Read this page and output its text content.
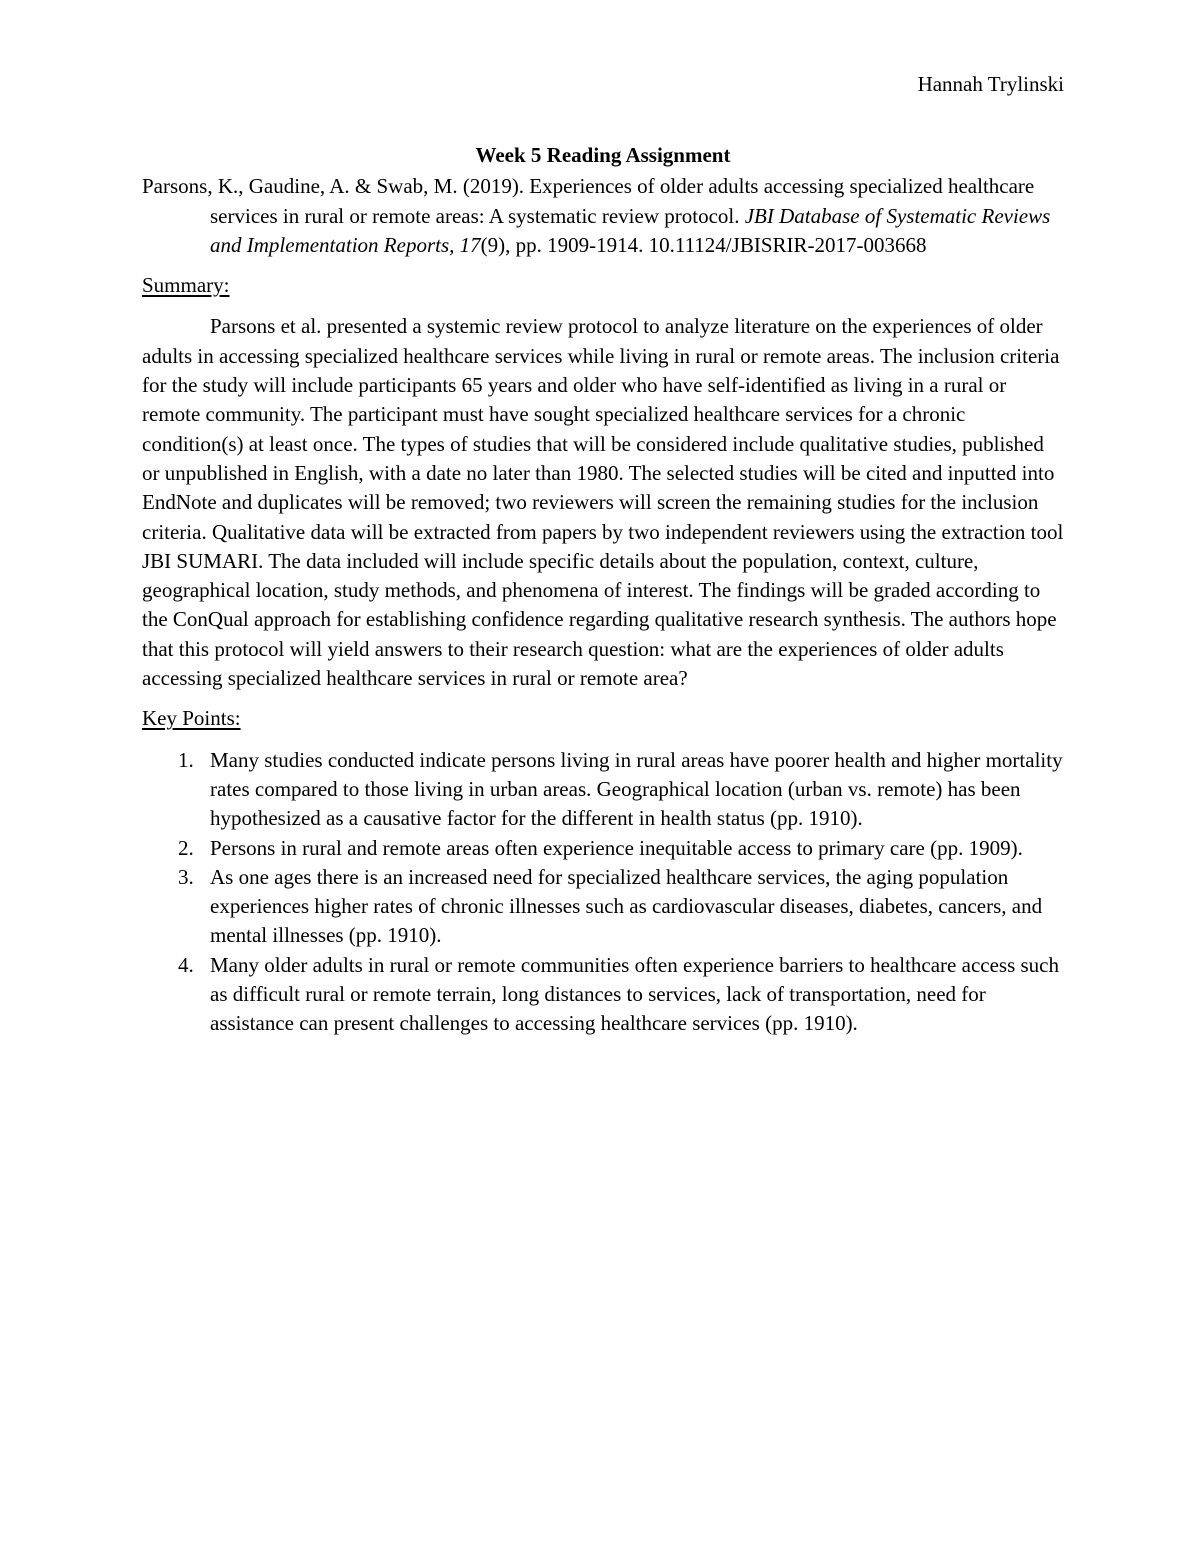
Hannah Trylinski

Week 5 Reading Assignment

Parsons, K., Gaudine, A. & Swab, M. (2019). Experiences of older adults accessing specialized healthcare services in rural or remote areas: A systematic review protocol. JBI Database of Systematic Reviews and Implementation Reports, 17(9), pp. 1909-1914. 10.11124/JBISRIR-2017-003668

Summary:

Parsons et al. presented a systemic review protocol to analyze literature on the experiences of older adults in accessing specialized healthcare services while living in rural or remote areas. The inclusion criteria for the study will include participants 65 years and older who have self-identified as living in a rural or remote community. The participant must have sought specialized healthcare services for a chronic condition(s) at least once. The types of studies that will be considered include qualitative studies, published or unpublished in English, with a date no later than 1980. The selected studies will be cited and inputted into EndNote and duplicates will be removed; two reviewers will screen the remaining studies for the inclusion criteria. Qualitative data will be extracted from papers by two independent reviewers using the extraction tool JBI SUMARI. The data included will include specific details about the population, context, culture, geographical location, study methods, and phenomena of interest. The findings will be graded according to the ConQual approach for establishing confidence regarding qualitative research synthesis. The authors hope that this protocol will yield answers to their research question: what are the experiences of older adults accessing specialized healthcare services in rural or remote area?

Key Points:

1. Many studies conducted indicate persons living in rural areas have poorer health and higher mortality rates compared to those living in urban areas. Geographical location (urban vs. remote) has been hypothesized as a causative factor for the different in health status (pp. 1910).
2. Persons in rural and remote areas often experience inequitable access to primary care (pp. 1909).
3. As one ages there is an increased need for specialized healthcare services, the aging population experiences higher rates of chronic illnesses such as cardiovascular diseases, diabetes, cancers, and mental illnesses (pp. 1910).
4. Many older adults in rural or remote communities often experience barriers to healthcare access such as difficult rural or remote terrain, long distances to services, lack of transportation, need for assistance can present challenges to accessing healthcare services (pp. 1910).
